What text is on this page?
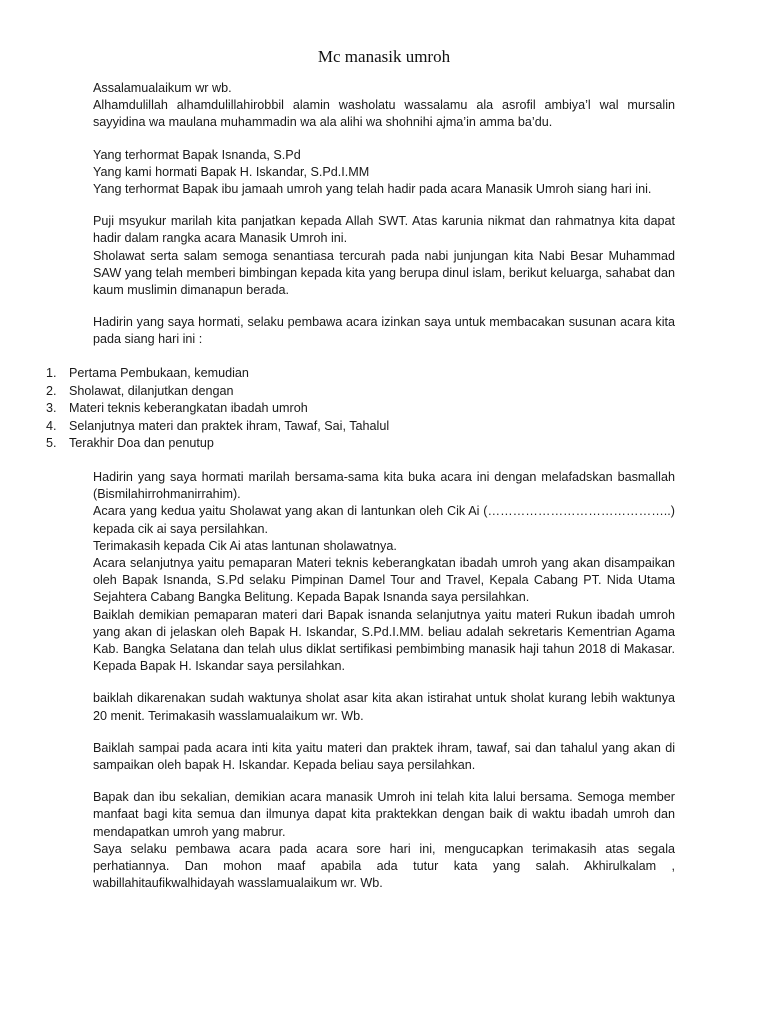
Mc manasik umroh

Assalamualaikum wr wb.

Alhamdulillah alhamdulillahirobbil alamin washolatu wassalamu ala asrofil ambiya’l wal mursalin sayyidina wa maulana muhammadin wa ala alihi wa shohnihi ajma’in amma ba’du.

Yang terhormat Bapak Isnanda, S.Pd

Yang kami hormati Bapak H. Iskandar, S.Pd.I.MM

Yang terhormat Bapak ibu jamaah umroh yang telah hadir pada acara Manasik Umroh siang hari ini.

Puji msyukur marilah kita panjatkan kepada Allah SWT. Atas karunia nikmat dan rahmatnya kita dapat hadir dalam rangka acara Manasik Umroh ini.

Sholawat serta salam semoga senantiasa tercurah pada nabi junjungan kita Nabi Besar Muhammad SAW yang telah memberi bimbingan kepada kita yang berupa dinul islam, berikut keluarga, sahabat dan kaum muslimin dimanapun berada.

Hadirin yang saya hormati, selaku pembawa acara izinkan saya untuk membacakan susunan acara kita pada siang hari ini :

1. Pertama Pembukaan, kemudian
2. Sholawat, dilanjutkan dengan
3. Materi teknis keberangkatan ibadah umroh
4. Selanjutnya materi dan praktek ihram, Tawaf, Sai, Tahalul
5. Terakhir Doa dan penutup

Hadirin yang saya hormati marilah bersama-sama kita buka acara ini dengan melafadskan basmallah (Bismilahirrohmanirrahim).

Acara yang kedua yaitu Sholawat yang akan di lantunkan oleh Cik Ai (……………………………………..) kepada cik ai saya persilahkan.

Terimakasih kepada Cik Ai atas lantunan sholawatnya.

Acara selanjutnya yaitu pemaparan Materi teknis keberangkatan ibadah umroh yang akan disampaikan oleh Bapak Isnanda, S.Pd selaku Pimpinan Damel Tour and Travel, Kepala Cabang PT. Nida Utama Sejahtera Cabang Bangka Belitung. Kepada Bapak Isnanda saya persilahkan.

Baiklah demikian pemaparan materi dari Bapak isnanda selanjutnya yaitu materi Rukun ibadah umroh yang akan di jelaskan oleh Bapak H. Iskandar, S.Pd.I.MM. beliau adalah sekretaris Kementrian Agama Kab. Bangka Selatana dan telah ulus diklat sertifikasi pembimbing manasik haji tahun 2018 di Makasar. Kepada Bapak H. Iskandar saya persilahkan.

baiklah dikarenakan sudah waktunya sholat asar kita akan istirahat untuk sholat kurang lebih waktunya 20 menit. Terimakasih wasslamualaikum wr. Wb.

Baiklah sampai pada acara inti kita yaitu materi dan praktek ihram, tawaf, sai dan tahalul yang akan di sampaikan oleh bapak H. Iskandar. Kepada beliau saya persilahkan.

Bapak dan ibu sekalian, demikian acara manasik Umroh ini telah kita lalui bersama. Semoga member manfaat bagi kita semua dan ilmunya dapat kita praktekkan dengan baik di waktu ibadah umroh dan mendapatkan umroh yang mabrur.

Saya selaku pembawa acara pada acara sore hari ini, mengucapkan terimakasih atas segala perhatiannya. Dan mohon maaf apabila ada tutur kata yang salah. Akhirulkalam , wabillahitaufikwalhidayah wasslamualaikum wr. Wb.
